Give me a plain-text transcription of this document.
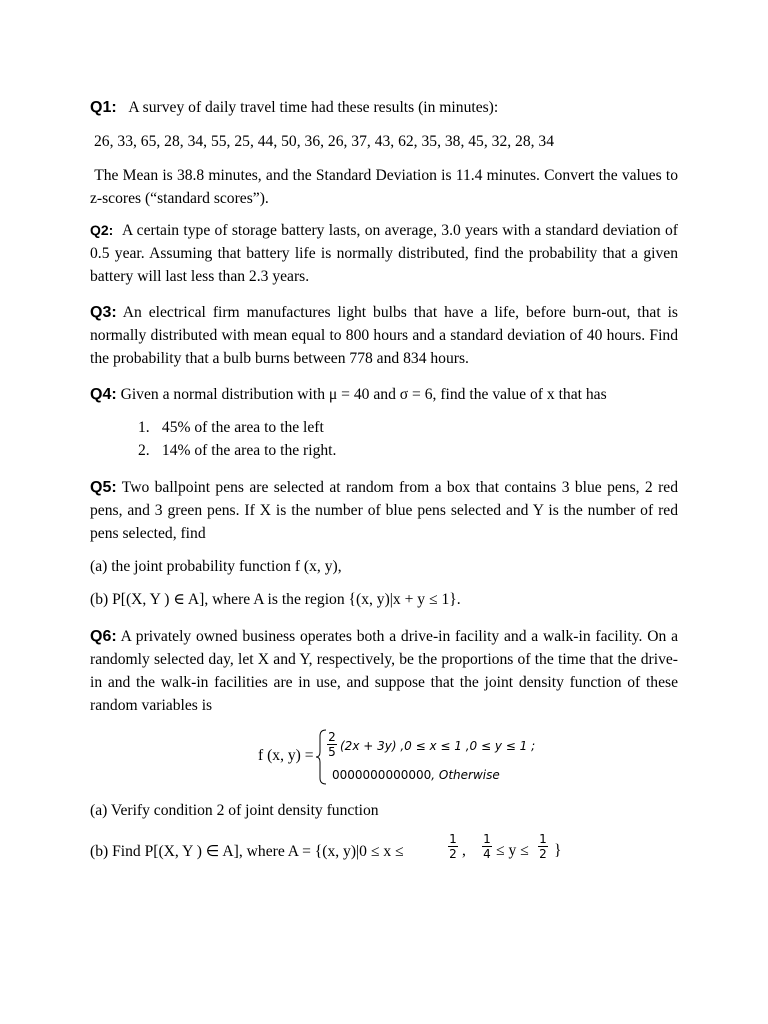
Q1: A survey of daily travel time had these results (in minutes):

26, 33, 65, 28, 34, 55, 25, 44, 50, 36, 26, 37, 43, 62, 35, 38, 45, 32, 28, 34

The Mean is 38.8 minutes, and the Standard Deviation is 11.4 minutes. Convert the values to z-scores (“standard scores”).

Q2: A certain type of storage battery lasts, on average, 3.0 years with a standard deviation of 0.5 year. Assuming that battery life is normally distributed, find the probability that a given battery will last less than 2.3 years.

Q3: An electrical firm manufactures light bulbs that have a life, before burn-out, that is normally distributed with mean equal to 800 hours and a standard deviation of 40 hours. Find the probability that a bulb burns between 778 and 834 hours.

Q4: Given a normal distribution with μ = 40 and σ = 6, find the value of x that has

1. 45% of the area to the left
2. 14% of the area to the right.

Q5: Two ballpoint pens are selected at random from a box that contains 3 blue pens, 2 red pens, and 3 green pens. If X is the number of blue pens selected and Y is the number of red pens selected, find

(a) the joint probability function f (x, y),

(b) P[(X, Y ) ∈ A], where A is the region {(x, y)|x + y ≤ 1}.

Q6: A privately owned business operates both a drive-in facility and a walk-in facility. On a randomly selected day, let X and Y, respectively, be the proportions of the time that the drive-in and the walk-in facilities are in use, and suppose that the joint density function of these random variables is

f (x, y) =
2
5 (2x + 3y) ,0 ≤ x ≤ 1 ,0 ≤ y ≤ 1 ;
0000000000000, Otherwise

(a) Verify condition 2 of joint density function

(b) Find P[(X, Y ) ∈ A], where A = {(x, y)|0 ≤ x ≤
1
2 ,
1
4 ≤ y ≤
1
2 }
